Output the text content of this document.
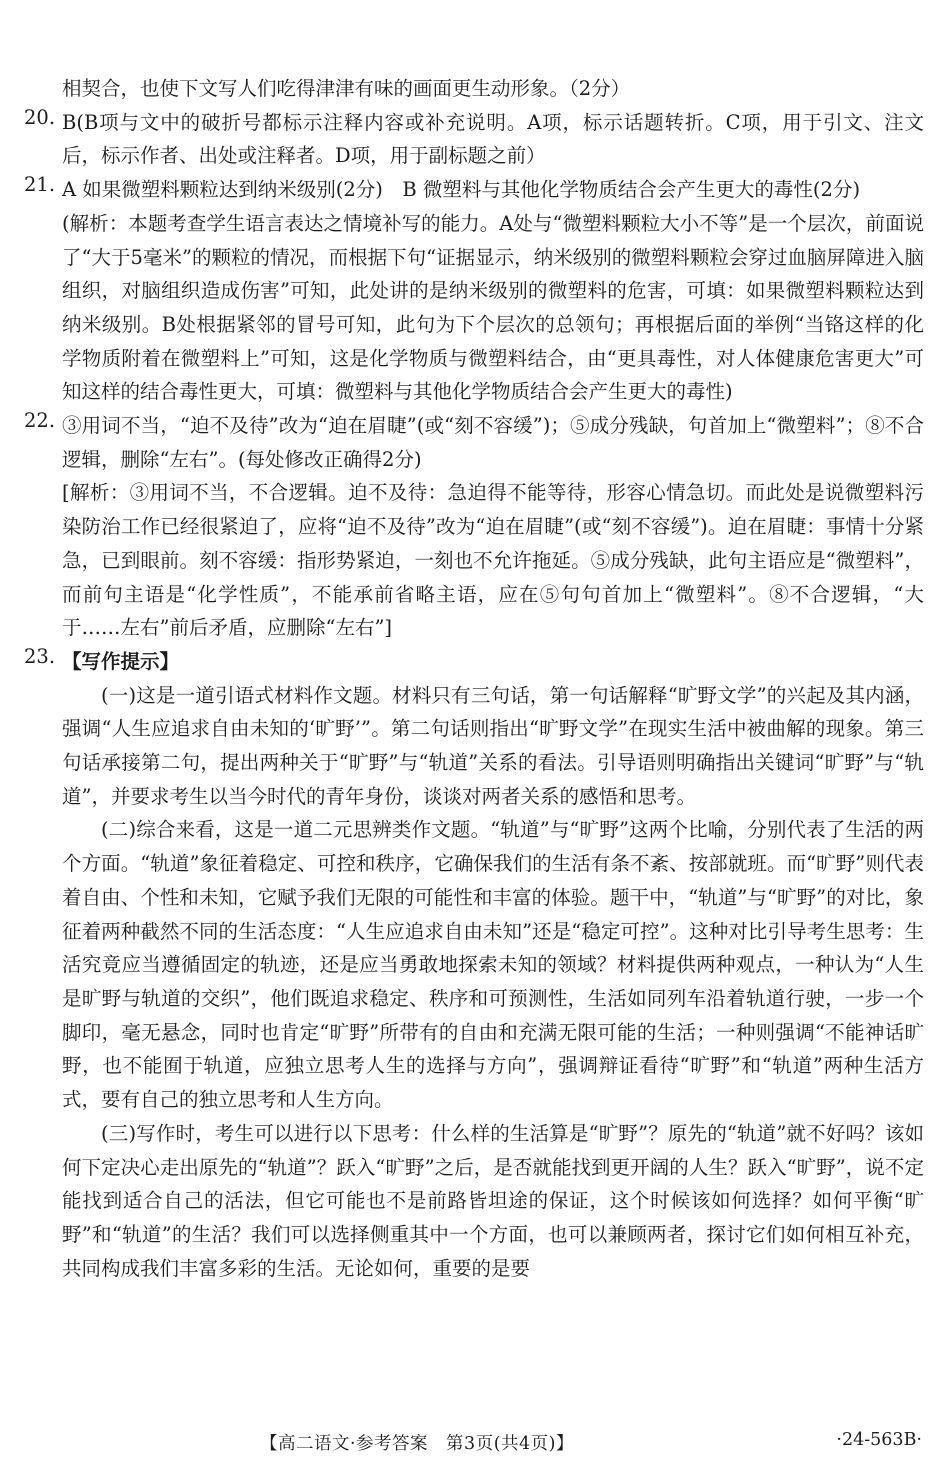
相契合，也使下文写人们吃得津津有味的画面更生动形象。（2分）

20. B(B项与文中的破折号都标示注释内容或补充说明。A项，标示话题转折。C项，用于引文、注文后，标示作者、出处或注释者。D项，用于副标题之前）

21. A 如果微塑料颗粒达到纳米级别(2分)　B 微塑料与其他化学物质结合会产生更大的毒性(2分)

(解析：本题考查学生语言表达之情境补写的能力。A处与“微塑料颗粒大小不等”是一个层次，前面说了“大于5毫米”的颗粒的情况，而根据下句“证据显示，纳米级别的微塑料颗粒会穿过血脑屏障进入脑组织，对脑组织造成伤害”可知，此处讲的是纳米级别的微塑料的危害，可填：如果微塑料颗粒达到纳米级别。B处根据紧邻的冒号可知，此句为下个层次的总领句；再根据后面的举例“当铬这样的化学物质附着在微塑料上”可知，这是化学物质与微塑料结合，由“更具毒性，对人体健康危害更大”可知这样的结合毒性更大，可填：微塑料与其他化学物质结合会产生更大的毒性)

22. ③用词不当，“迫不及待”改为“迫在眉睫”(或“刻不容缓”)；⑤成分残缺，句首加上“微塑料”；⑧不合逻辑，删除“左右”。(每处修改正确得2分)

[解析：③用词不当，不合逻辑。迫不及待：急迫得不能等待，形容心情急切。而此处是说微塑料污染防治工作已经很紧迫了，应将“迫不及待”改为“迫在眉睫”(或“刻不容缓”)。迫在眉睫：事情十分紧急，已到眼前。刻不容缓：指形势紧迫，一刻也不允许拖延。⑤成分残缺，此句主语应是“微塑料”，而前句主语是“化学性质”，不能承前省略主语，应在⑤句句首加上“微塑料”。⑧不合逻辑，“大于……左右”前后矛盾，应删除“左右”]

23. 【写作提示】

(一)这是一道引语式材料作文题。材料只有三句话，第一句话解释“旷野文学”的兴起及其内涵，强调“人生应追求自由未知的‘旷野’”。第二句话则指出“旷野文学”在现实生活中被曲解的现象。第三句话承接第二句，提出两种关于“旷野”与“轨道”关系的看法。引导语则明确指出关键词“旷野”与“轨道”，并要求考生以当今时代的青年身份，谈谈对两者关系的感悟和思考。

(二)综合来看，这是一道二元思辨类作文题。“轨道”与“旷野”这两个比喻，分别代表了生活的两个方面。“轨道”象征着稳定、可控和秩序，它确保我们的生活有条不紊、按部就班。而“旷野”则代表着自由、个性和未知，它赋予我们无限的可能性和丰富的体验。题干中，“轨道”与“旷野”的对比，象征着两种截然不同的生活态度：“人生应追求自由未知”还是“稳定可控”。这种对比引导考生思考：生活究竟应当遵循固定的轨迹，还是应当勇敢地探索未知的领域？材料提供两种观点，一种认为“人生是旷野与轨道的交织”，他们既追求稳定、秩序和可预测性，生活如同列车沿着轨道行驶，一步一个脚印，毫无悬念，同时也肯定“旷野”所带有的自由和充满无限可能的生活；一种则强调“不能神话旷野，也不能囿于轨道，应独立思考人生的选择与方向”，强调辩证看待“旷野”和“轨道”两种生活方式，要有自己的独立思考和人生方向。

(三)写作时，考生可以进行以下思考：什么样的生活算是“旷野”？原先的“轨道”就不好吗？该如何下定决心走出原先的“轨道”？跃入“旷野”之后，是否就能找到更开阔的人生？跃入“旷野”，说不定能找到适合自己的活法，但它可能也不是前路皆坦途的保证，这个时候该如何选择？如何平衡“旷野”和“轨道”的生活？我们可以选择侧重其中一个方面，也可以兼顾两者，探讨它们如何相互补充，共同构成我们丰富多彩的生活。无论如何，重要的是要

【高二语文·参考答案　第3页(共4页)】	·24-563B·
